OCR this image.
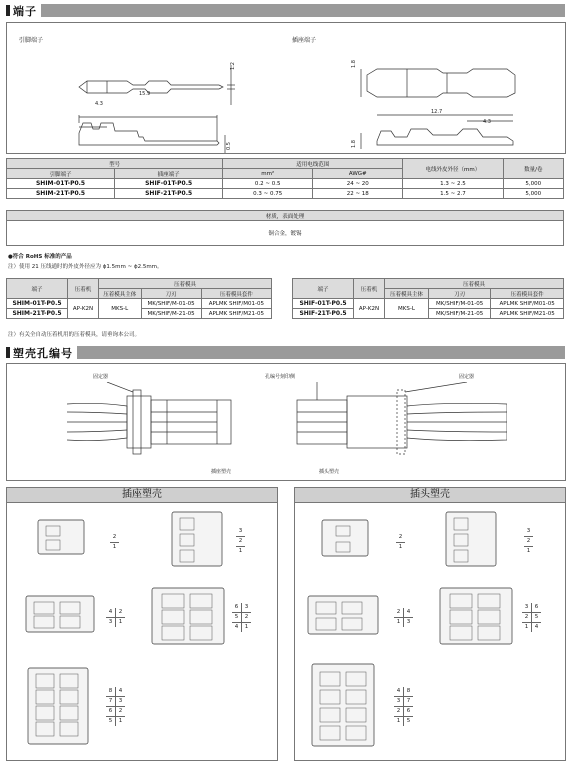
端子
引脚端子	插座端子
1.2
15.9
4.3
0.5
1.8
12.7
4.3
1.8
型号		适用电线范围		电线外皮外径（mm）	数量/卷
引脚端子	插座端子	mm²	AWG#		
SHIM-01T-P0.5	SHIF-01T-P0.5	0.2 ~ 0.5	24 ~ 20	1.3 ~ 2.5	5,000
SHIM-21T-P0.5	SHIF-21T-P0.5	0.3 ~ 0.75	22 ~ 18	1.5 ~ 2.7	5,000
材质，表面处理
铜合金，镀锡
●符合 RoHS 标准的产品
注）使用 21 压线通时的外皮外径应为 ϕ1.5mm ~ ϕ2.5mm。
端子	压着机	压着模具		
		压着模具主体	刀刃	压着模具套件
SHIM-01T-P0.5	AP-K2N	MKS-L	MK/SHIF/M-01-05	APLMK SHIF/M01-05
SHIM-21T-P0.5			MK/SHIF/M-21-05	APLMK SHIF/M21-05
端子	压着机	压着模具		
		压着模具主体	刀刃	压着模具套件
SHIF-01T-P0.5	AP-K2N	MKS-L	MK/SHIF/M-01-05	APLMK SHIF/M01-05
SHIF-21T-P0.5			MK/SHIF/M-21-05	APLMK SHIF/M21-05
注）有关全自动压着机用的压着模具，请垂询本公司。
塑壳孔编号
固定器	孔编号刻印侧	固定器
插座塑壳	插头塑壳
插座塑壳	插头塑壳
2
1
3
2
1
4	2
3	1
6	3
5	2
4	1
8	4
7	3
6	2
5	1
2
1
3
2
1
2	4
1	3
3	6
2	5
1	4
4	8
3	7
2	6
1	5
